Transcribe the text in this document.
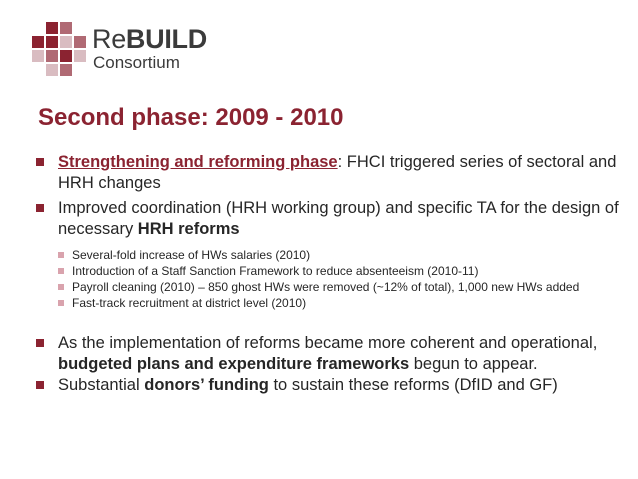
ReBUILD
Consortium
Second phase: 2009 - 2010
Strengthening and reforming phase: FHCI triggered series of sectoral and HRH changes
Improved coordination (HRH working group) and specific TA for the design of necessary HRH reforms
Several-fold increase of HWs salaries (2010)
Introduction of a Staff Sanction Framework to reduce absenteeism (2010-11)
Payroll cleaning (2010) – 850 ghost HWs were removed (~12% of total), 1,000 new HWs added
Fast-track recruitment at district level (2010)
As the implementation of reforms became more coherent and operational, budgeted plans and expenditure frameworks begun to appear.
Substantial donors’ funding to sustain these reforms (DfID and GF)
